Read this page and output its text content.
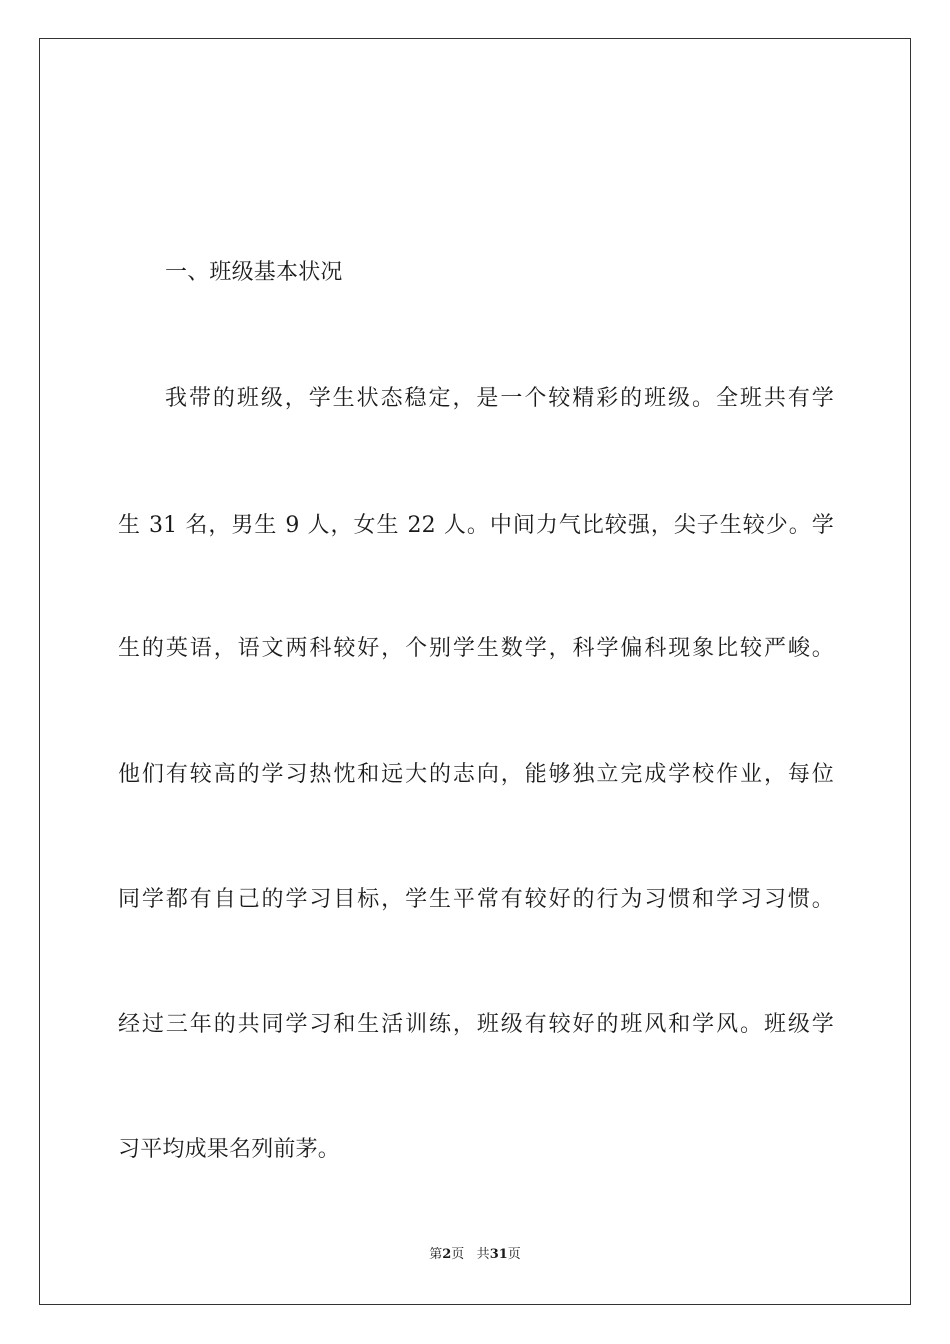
一、班级基本状况
我带的班级，学生状态稳定，是一个较精彩的班级。全班共有学
生 31 名，男生 9 人，女生 22 人。中间力气比较强，尖子生较少。学
生的英语，语文两科较好，个别学生数学，科学偏科现象比较严峻。
他们有较高的学习热忱和远大的志向，能够独立完成学校作业，每位
同学都有自己的学习目标，学生平常有较好的行为习惯和学习习惯。
经过三年的共同学习和生活训练，班级有较好的班风和学风。班级学
习平均成果名列前茅。
第2页 共31页
